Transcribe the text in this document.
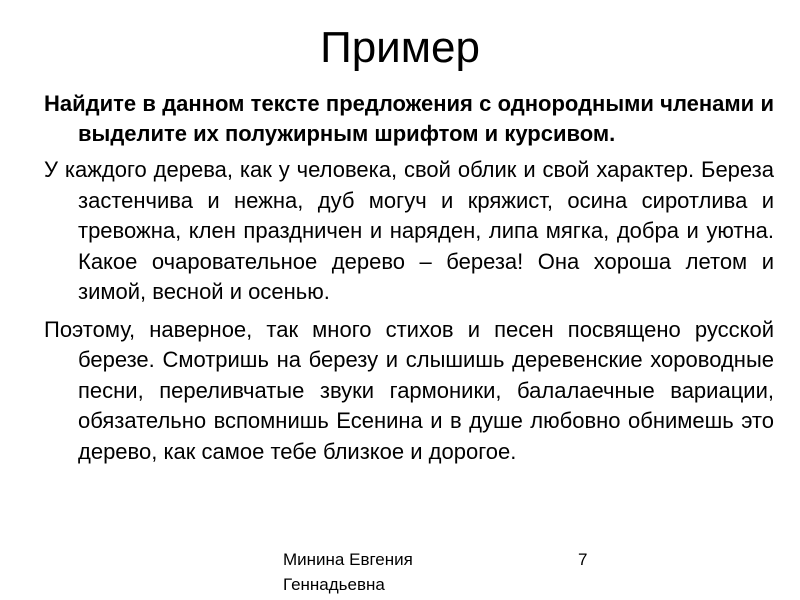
Пример

Найдите в данном тексте предложения с однородными членами и выделите их полужирным шрифтом и курсивом.

У каждого дерева, как у человека, свой облик и свой характер. Береза застенчива и нежна, дуб могуч и кряжист, осина сиротлива и тревожна, клен праздничен и наряден, липа мягка, добра и уютна. Какое очаровательное дерево – береза! Она хороша летом и зимой, весной и осенью.

Поэтому, наверное, так много стихов и песен посвящено русской березе. Смотришь на березу и слышишь деревенские хороводные песни, переливчатые звуки гармоники, балалаечные вариации, обязательно вспомнишь Есенина и в душе любовно обнимешь это дерево, как самое тебе близкое и дорогое.

Минина Евгения
Геннадьевна
7
